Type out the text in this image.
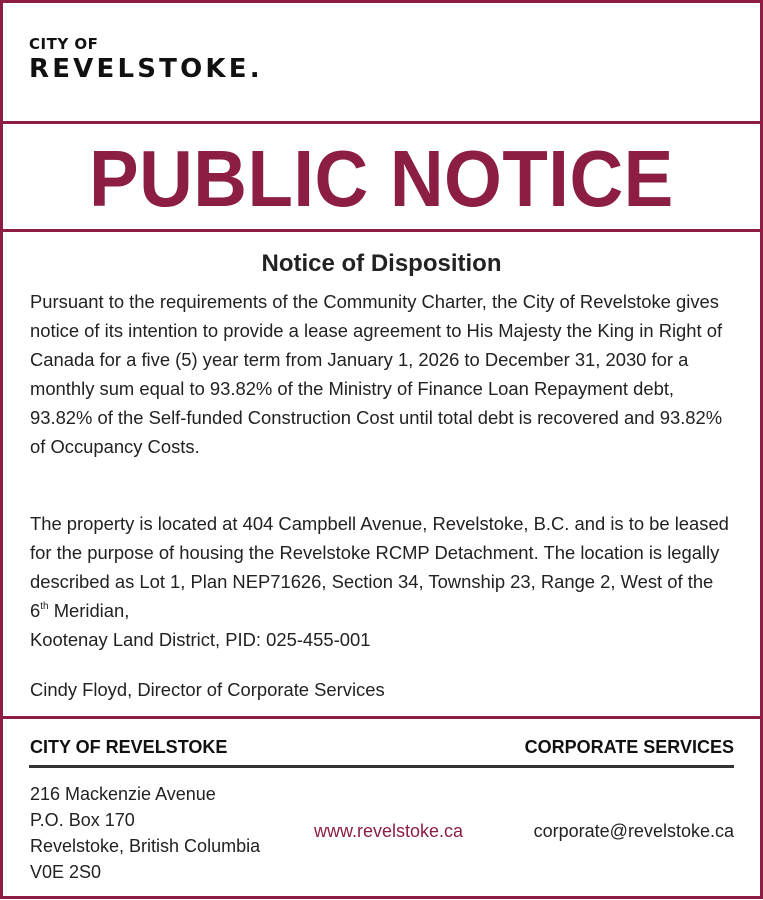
CITY OF
REVELSTOKE.
PUBLIC NOTICE
Notice of Disposition
Pursuant to the requirements of the Community Charter, the City of Revelstoke gives notice of its intention to provide a lease agreement to His Majesty the King in Right of Canada for a five (5) year term from January 1, 2026 to December 31, 2030 for a monthly sum equal to 93.82% of the Ministry of Finance Loan Repayment debt, 93.82% of the Self-funded Construction Cost until total debt is recovered and 93.82% of Occupancy Costs.
The property is located at 404 Campbell Avenue, Revelstoke, B.C. and is to be leased for the purpose of housing the Revelstoke RCMP Detachment. The location is legally described as Lot 1, Plan NEP71626, Section 34, Township 23, Range 2, West of the 6th Meridian,
Kootenay Land District, PID: 025-455-001
Cindy Floyd, Director of Corporate Services
CITY OF REVELSTOKE	CORPORATE SERVICES
216 Mackenzie Avenue
P.O. Box 170
Revelstoke, British Columbia
V0E 2S0
www.revelstoke.ca	corporate@revelstoke.ca
